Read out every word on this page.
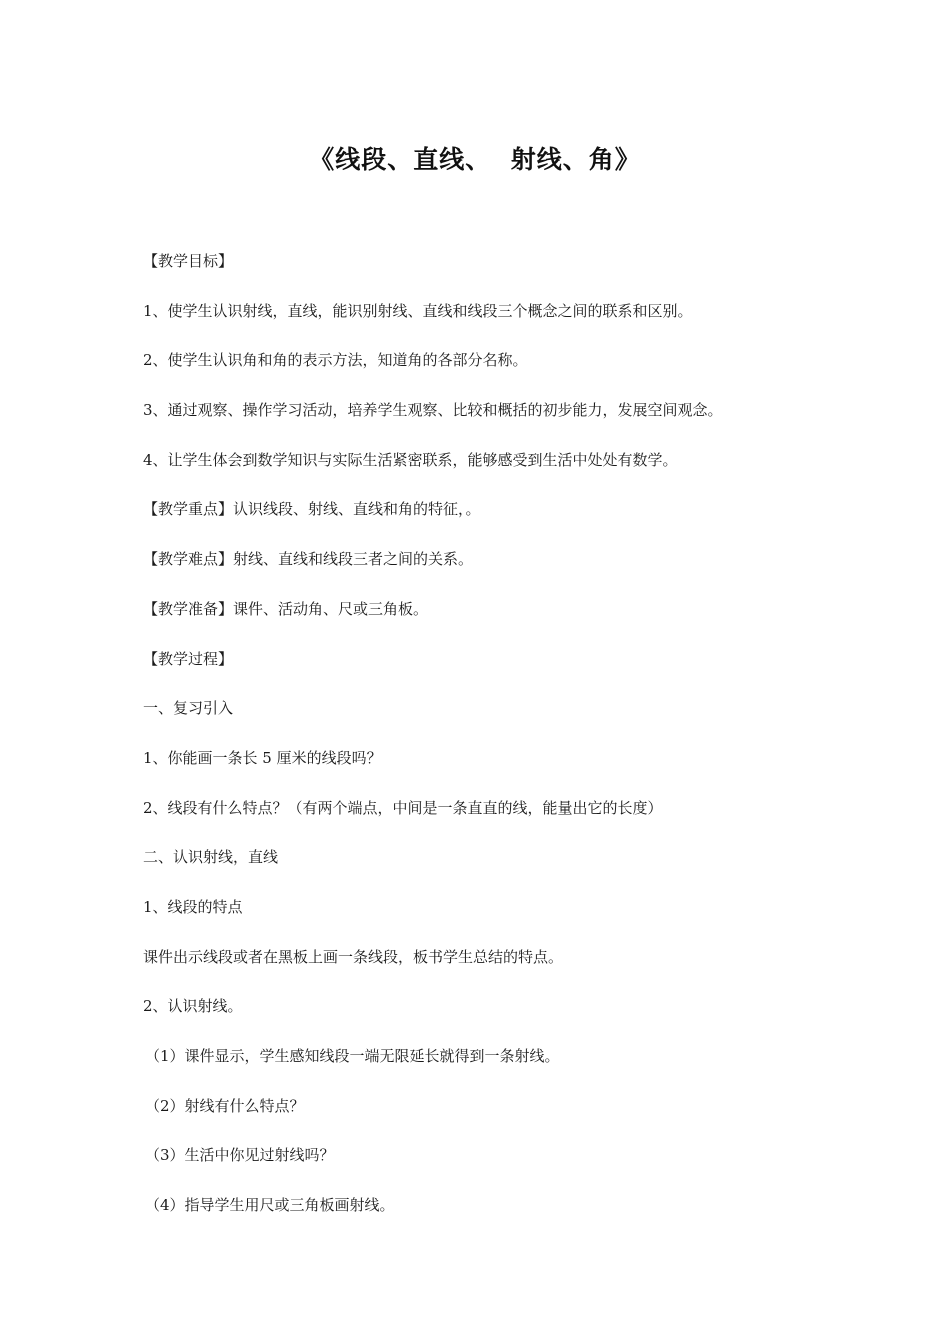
《线段、直线、  射线、角》
【教学目标】
1、使学生认识射线，直线，能识别射线、直线和线段三个概念之间的联系和区别。
2、使学生认识角和角的表示方法，知道角的各部分名称。
3、通过观察、操作学习活动，培养学生观察、比较和概括的初步能力，发展空间观念。
4、让学生体会到数学知识与实际生活紧密联系，能够感受到生活中处处有数学。
【教学重点】认识线段、射线、直线和角的特征，。
【教学难点】射线、直线和线段三者之间的关系。
【教学准备】课件、活动角、尺或三角板。
【教学过程】
一、复习引入
1、你能画一条长 5 厘米的线段吗？
2、线段有什么特点？（有两个端点，中间是一条直直的线，能量出它的长度）
二、认识射线，直线
1、线段的特点
课件出示线段或者在黑板上画一条线段，板书学生总结的特点。
2、认识射线。
（1）课件显示，学生感知线段一端无限延长就得到一条射线。
（2）射线有什么特点？
（3）生活中你见过射线吗？
（4）指导学生用尺或三角板画射线。
